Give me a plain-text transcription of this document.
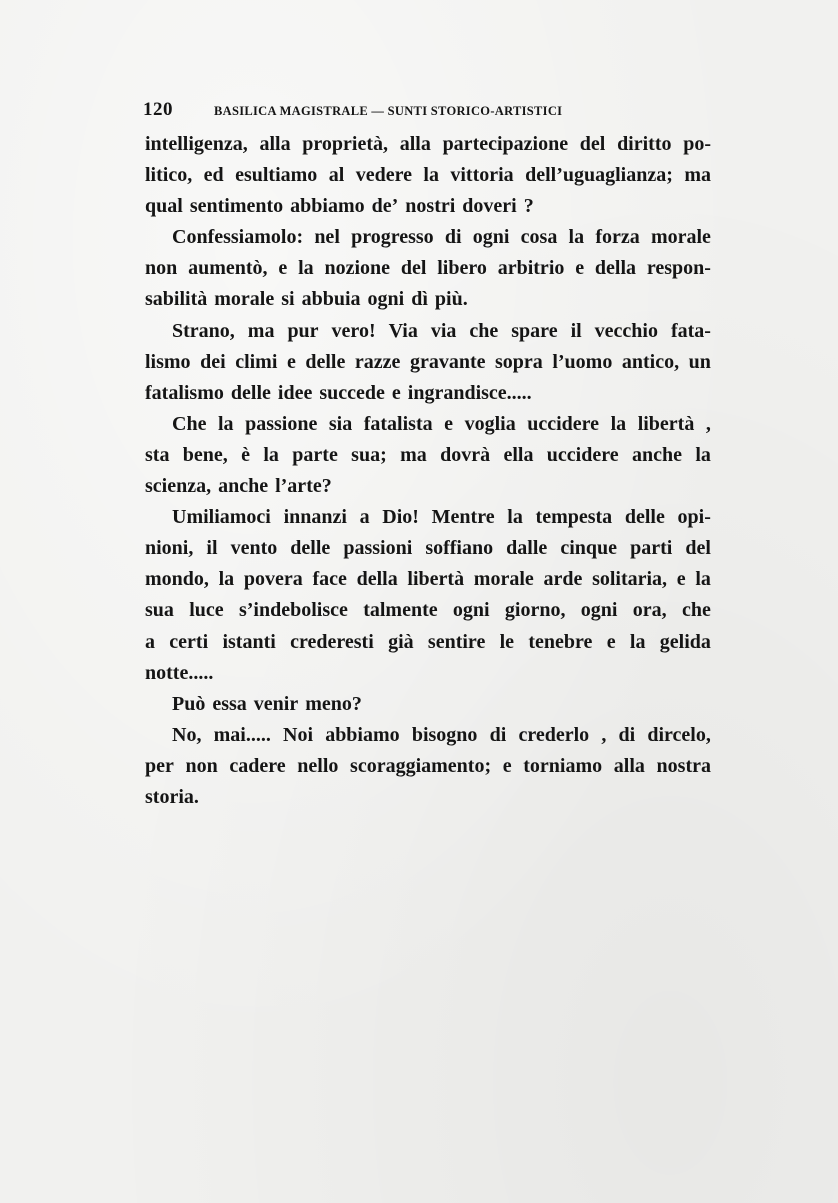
120	BASILICA MAGISTRALE — SUNTI STORICO-ARTISTICI
intelligenza, alla proprietà, alla partecipazione del diritto po-
litico, ed esultiamo al vedere la vittoria dell’uguaglianza; ma
qual sentimento abbiamo de’ nostri doveri ?
Confessiamolo: nel progresso di ogni cosa la forza morale
non aumentò, e la nozione del libero arbitrio e della respon-
sabilità morale si abbuia ogni dì più.
Strano, ma pur vero! Via via che spare il vecchio fata-
lismo dei climi e delle razze gravante sopra l’uomo antico, un
fatalismo delle idee succede e ingrandisce.....
Che la passione sia fatalista e voglia uccidere la libertà ,
sta bene, è la parte sua; ma dovrà ella uccidere anche la
scienza, anche l’arte?
Umiliamoci innanzi a Dio! Mentre la tempesta delle opi-
nioni, il vento delle passioni soffiano dalle cinque parti del
mondo, la povera face della libertà morale arde solitaria, e la
sua luce s’indebolisce talmente ogni giorno, ogni ora, che
a certi istanti crederesti già sentire le tenebre e la gelida
notte.....
Può essa venir meno?
No, mai..... Noi abbiamo bisogno di crederlo , di dircelo,
per non cadere nello scoraggiamento; e torniamo alla nostra
storia.
